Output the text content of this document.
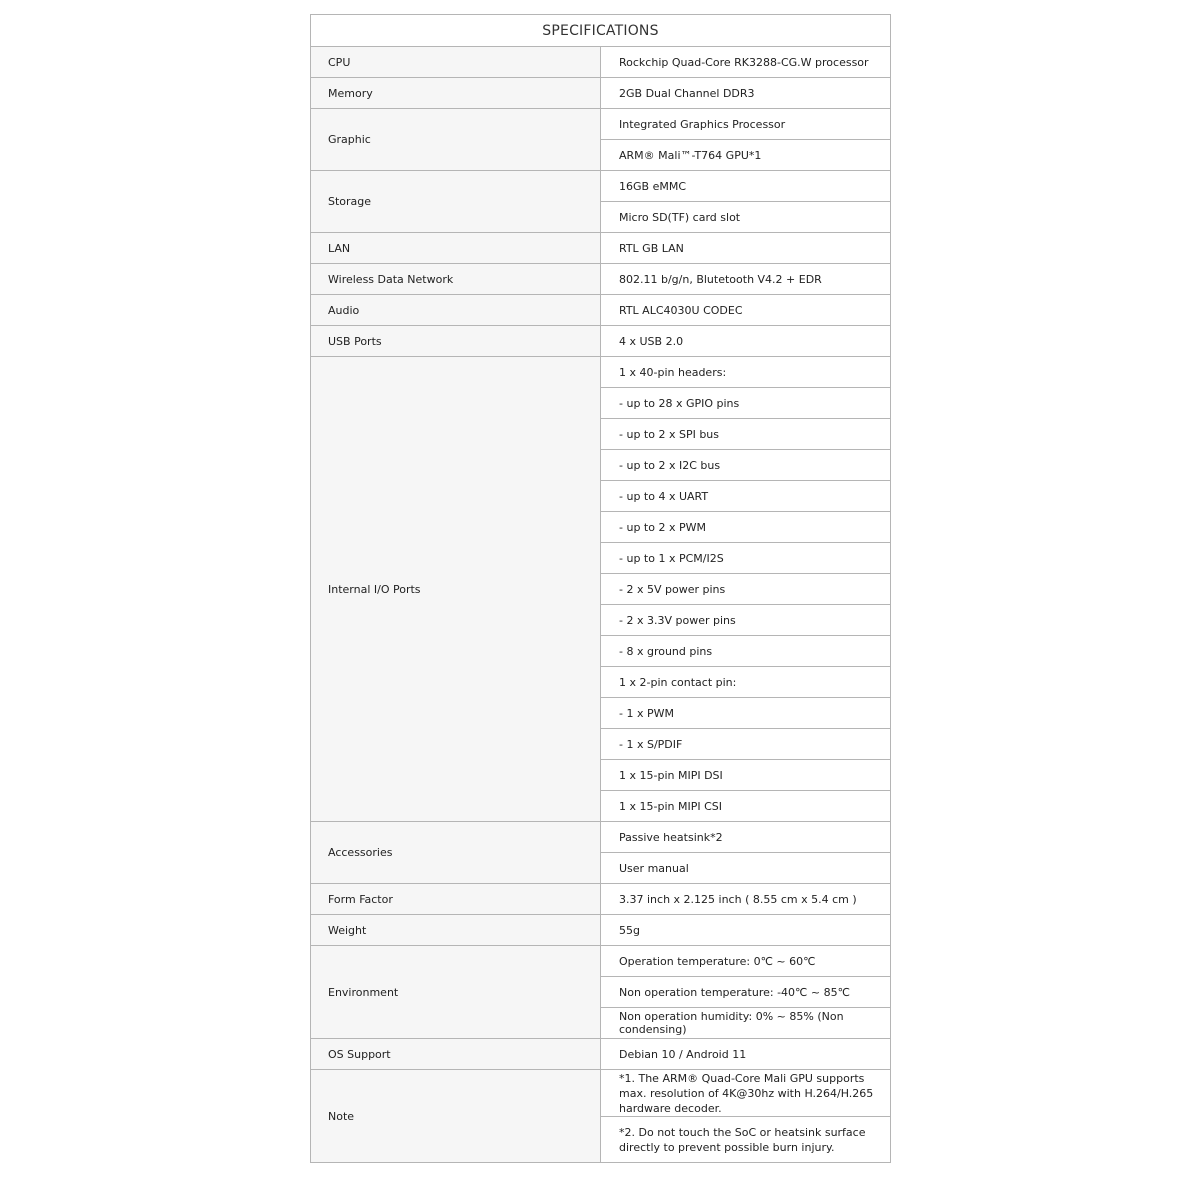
SPECIFICATIONS	
CPU	Rockchip Quad-Core RK3288-CG.W processor
Memory	2GB Dual Channel DDR3
Graphic	Integrated Graphics Processor
	ARM® Mali™-T764 GPU*1
Storage	16GB eMMC
	Micro SD(TF) card slot
LAN	RTL GB LAN
Wireless Data Network	802.11 b/g/n, Blutetooth V4.2 + EDR
Audio	RTL ALC4030U CODEC
USB Ports	4 x USB 2.0
Internal I/O Ports	1 x 40-pin headers:
	- up to 28 x GPIO pins
	- up to 2 x SPI bus
	- up to 2 x I2C bus
	- up to 4 x UART
	- up to 2 x PWM
	- up to 1 x PCM/I2S
	- 2 x 5V power pins
	- 2 x 3.3V power pins
	- 8 x ground pins
	1 x 2-pin contact pin:
	- 1 x PWM
	- 1 x S/PDIF
	1 x 15-pin MIPI DSI
	1 x 15-pin MIPI CSI
Accessories	Passive heatsink*2
	User manual
Form Factor	3.37 inch x 2.125 inch ( 8.55 cm x 5.4 cm )
Weight	55g
Environment	Operation temperature: 0℃ ~ 60℃
	Non operation temperature: -40℃ ~ 85℃
	Non operation humidity: 0% ~ 85% (Non condensing)
OS Support	Debian 10 / Android 11
Note	*1. The ARM® Quad-Core Mali GPU supports max. resolution of 4K@30hz with H.264/H.265 hardware decoder.
	*2. Do not touch the SoC or heatsink surface directly to prevent possible burn injury.
